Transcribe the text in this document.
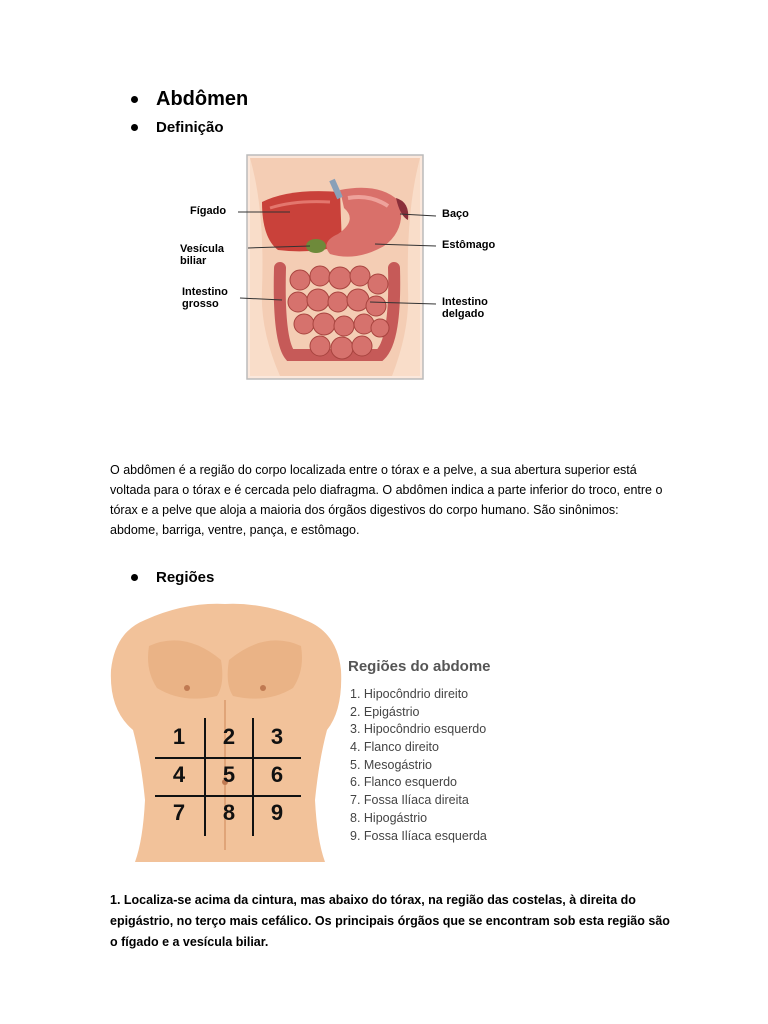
Abdômen
Definição
Fígado
Vesícula
biliar
Intestino
grosso
Baço
Estômago
Intestino
delgado

O abdômen é a região do corpo localizada entre o tórax e a pelve, a sua abertura superior está voltada para o tórax e é cercada pelo diafragma. O abdômen indica a parte inferior do troco, entre o tórax e a pelve que aloja a maioria dos órgãos digestivos do corpo humano. São sinônimos: abdome, barriga, ventre, pança, e estômago.

Regiões
1	2	3
4	5	6
7	8	9
Regiões do abdome
1. Hipocôndrio direito
2. Epigástrio
3. Hipocôndrio esquerdo
4. Flanco direito
5. Mesogástrio
6. Flanco esquerdo
7. Fossa Ilíaca direita
8. Hipogástrio
9. Fossa Ilíaca esquerda

1. Localiza-se acima da cintura, mas abaixo do tórax, na região das costelas, à direita do epigástrio, no terço mais cefálico. Os principais órgãos que se encontram sob esta região são o fígado e a vesícula biliar.
